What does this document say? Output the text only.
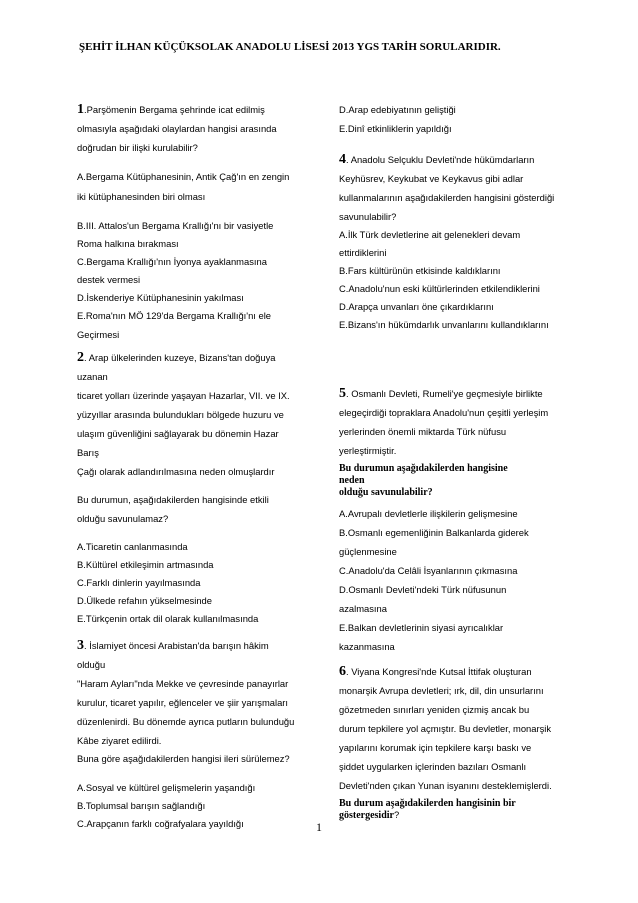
ŞEHİT İLHAN KÜÇÜKSOLAK ANADOLU LİSESİ 2013 YGS TARİH SORULARIDIR.
1.Parşömenin Bergama şehrinde icat edilmiş
olmasıyla aşağıdaki olaylardan hangisi arasında
doğrudan bir ilişki kurulabilir?
A.Bergama Kütüphanesinin, Antik Çağ'ın en zengin
iki kütüphanesinden biri olması
B.III. Attalos'un Bergama Krallığı'nı bir vasiyetle
Roma halkına bırakması
C.Bergama Krallığı'nın İyonya ayaklanmasına
destek vermesi
D.İskenderiye Kütüphanesinin yakılması
E.Roma'nın MÖ 129'da Bergama Krallığı'nı ele
Geçirmesi
2. Arap ülkelerinden kuzeye, Bizans'tan doğuya
uzanan
ticaret yolları üzerinde yaşayan Hazarlar, VII. ve IX.
yüzyıllar arasında bulundukları bölgede huzuru ve
ulaşım güvenliğini sağlayarak bu dönemin Hazar
Barış
Çağı olarak adlandırılmasına neden olmuşlardır
Bu durumun, aşağıdakilerden hangisinde etkili
olduğu savunulamaz?
A.Ticaretin canlanmasında
B.Kültürel etkileşimin artmasında
C.Farklı dinlerin yayılmasında
D.Ülkede refahın yükselmesinde
E.Türkçenin ortak dil olarak kullanılmasında
3. İslamiyet öncesi Arabistan'da barışın hâkim
olduğu
"Haram Ayları"nda Mekke ve çevresinde panayırlar
kurulur, ticaret yapılır, eğlenceler ve şiir yarışmaları
düzenlenirdi. Bu dönemde ayrıca putların bulunduğu
Kâbe ziyaret edilirdi.
Buna göre aşağıdakilerden hangisi ileri sürülemez?
A.Sosyal ve kültürel gelişmelerin yaşandığı
B.Toplumsal barışın sağlandığı
C.Arapçanın farklı coğrafyalara yayıldığı
D.Arap edebiyatının geliştiği
E.Dinî etkinliklerin yapıldığı
4. Anadolu Selçuklu Devleti'nde hükümdarların
Keyhüsrev, Keykubat ve Keykavus gibi adlar
kullanmalarının aşağıdakilerden hangisini gösterdiği
savunulabilir?
A.İlk Türk devletlerine ait gelenekleri devam
ettirdiklerini
B.Fars kültürünün etkisinde kaldıklarını
C.Anadolu'nun eski kültürlerinden etkilendiklerini
D.Arapça unvanları öne çıkardıklarını
E.Bizans'ın hükümdarlık unvanlarını kullandıklarını
5. Osmanlı Devleti, Rumeli'ye geçmesiyle birlikte
elegeçirdiği topraklara Anadolu'nun çeşitli yerleşim
yerlerinden önemli miktarda Türk nüfusu
yerleştirmiştir.
Bu durumun aşağıdakilerden hangisine
neden
olduğu savunulabilir?
A.Avrupalı devletlerle ilişkilerin gelişmesine
B.Osmanlı egemenliğinin Balkanlarda giderek
güçlenmesine
C.Anadolu'da Celâli İsyanlarının çıkmasına
D.Osmanlı Devleti'ndeki Türk nüfusunun
azalmasına
E.Balkan devletlerinin siyasi ayrıcalıklar
kazanmasına
6. Viyana Kongresi'nde Kutsal İttifak oluşturan
monarşik Avrupa devletleri; ırk, dil, din unsurlarını
gözetmeden sınırları yeniden çizmiş ancak bu
durum tepkilere yol açmıştır. Bu devletler, monarşik
yapılarını korumak için tepkilere karşı baskı ve
şiddet uygularken içlerinden bazıları Osmanlı
Devleti'nden çıkan Yunan isyanını desteklemişlerdi.
Bu durum aşağıdakilerden hangisinin bir
göstergesidir?
1
